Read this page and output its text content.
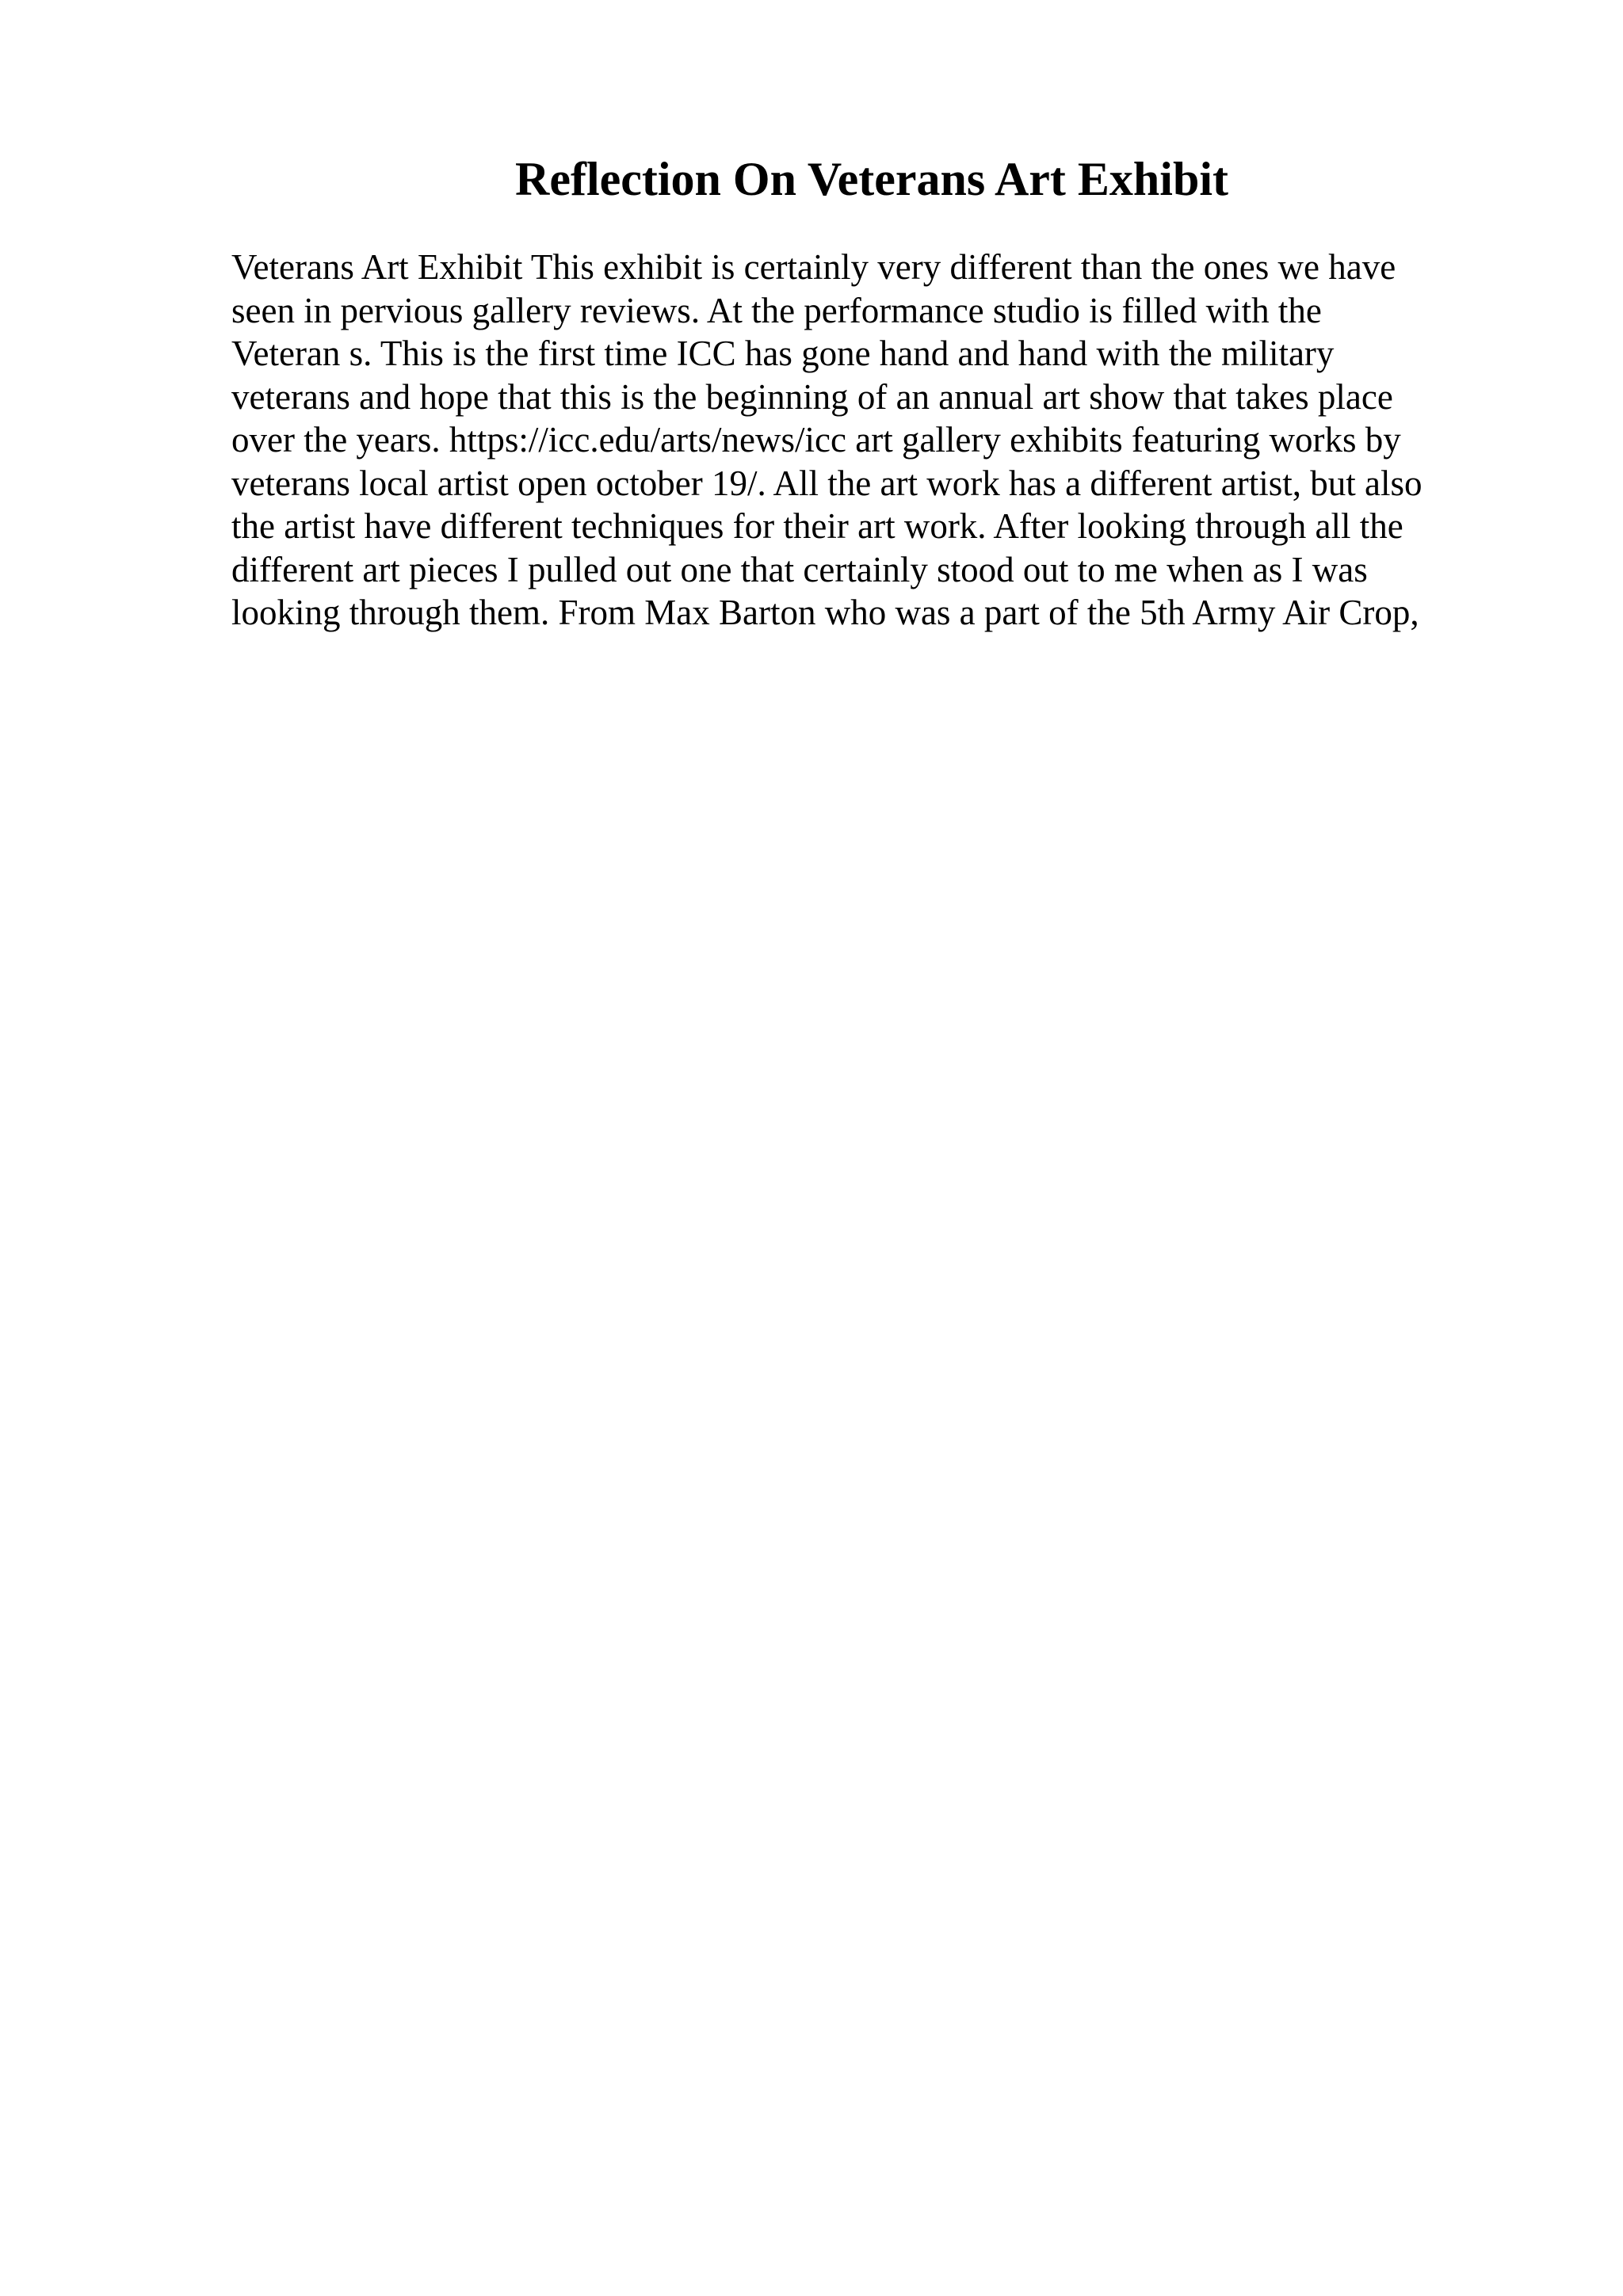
Reflection On Veterans Art Exhibit
Veterans Art Exhibit This exhibit is certainly very different than the ones we have
seen in pervious gallery reviews. At the performance studio is filled with the
Veteran s. This is the first time ICC has gone hand and hand with the military
veterans and hope that this is the beginning of an annual art show that takes place
over the years. https://icc.edu/arts/news/icc art gallery exhibits featuring works by
veterans local artist open october 19/. All the art work has a different artist, but also
the artist have different techniques for their art work. After looking through all the
different art pieces I pulled out one that certainly stood out to me when as I was
looking through them. From Max Barton who was a part of the 5th Army Air Crop,
